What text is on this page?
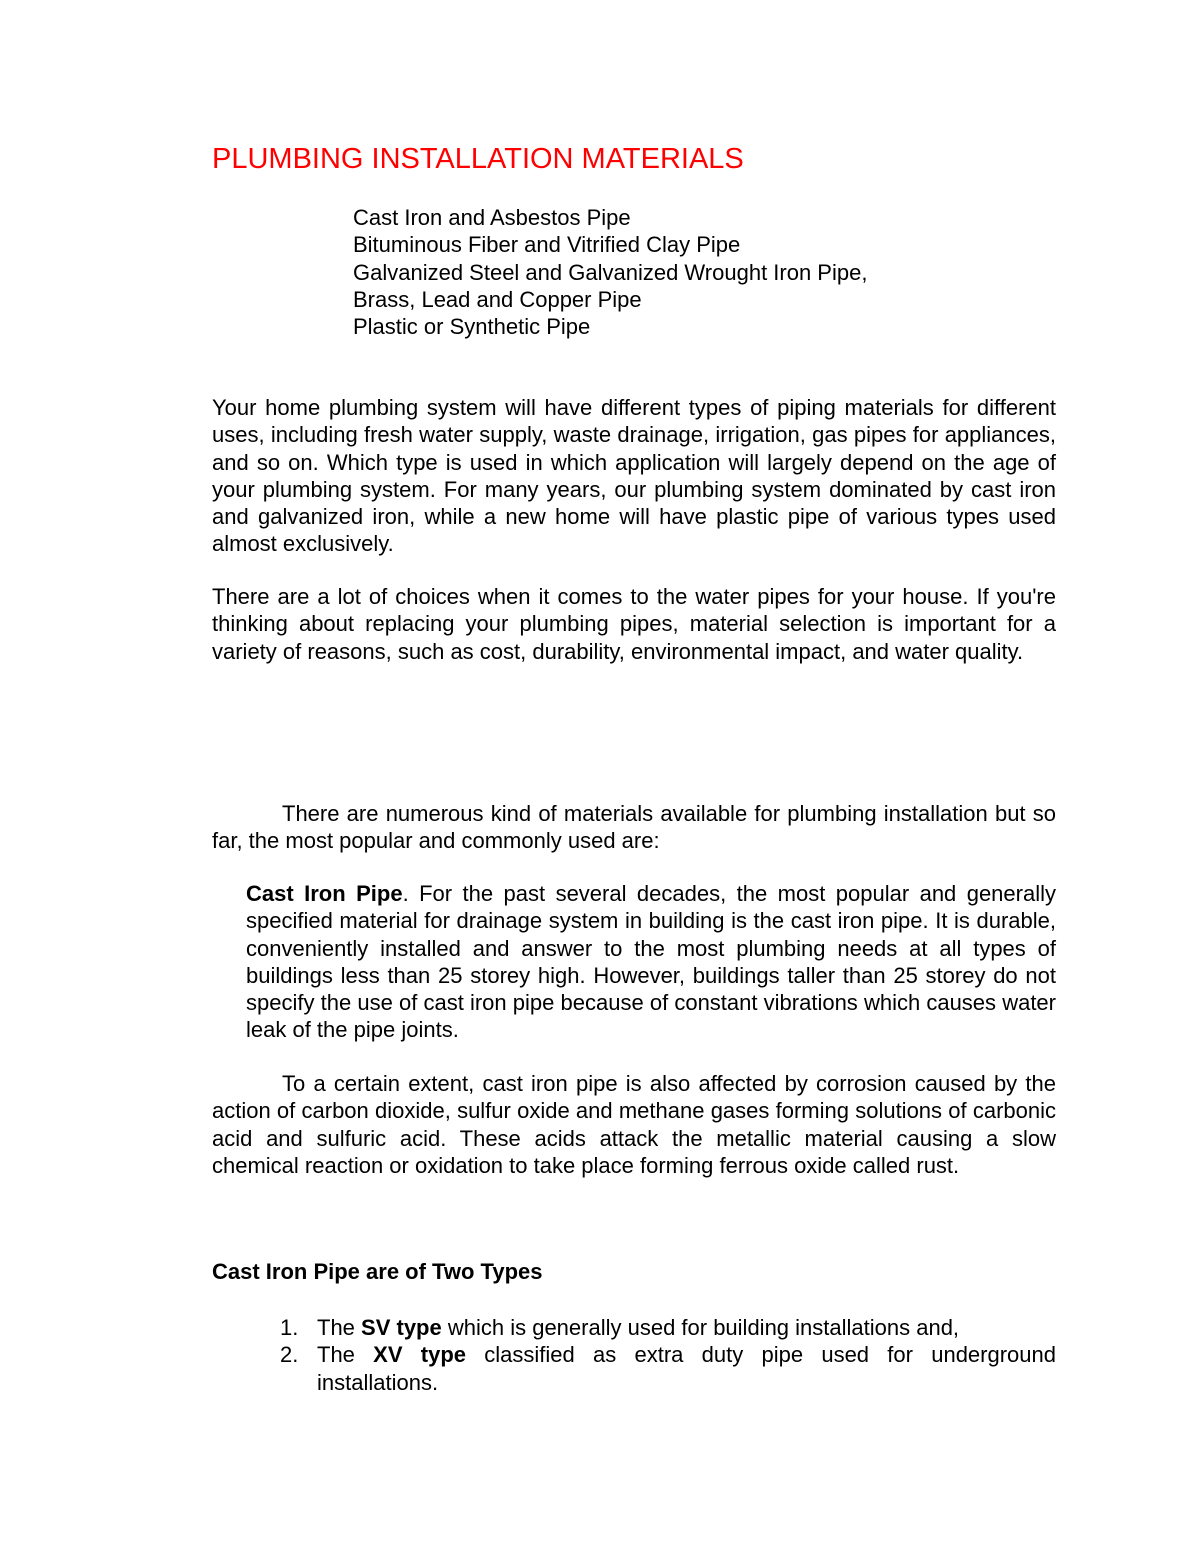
PLUMBING INSTALLATION MATERIALS
Cast Iron and Asbestos Pipe
Bituminous Fiber and Vitrified Clay Pipe
Galvanized Steel and Galvanized Wrought Iron Pipe,
Brass, Lead and Copper Pipe
Plastic or Synthetic Pipe

Your home plumbing system will have different types of piping materials for different uses, including fresh water supply, waste drainage, irrigation, gas pipes for appliances, and so on. Which type is used in which application will largely depend on the age of your plumbing system. For many years, our plumbing system dominated by cast iron and galvanized iron, while a new home will have plastic pipe of various types used almost exclusively.

There are a lot of choices when it comes to the water pipes for your house. If you're thinking about replacing your plumbing pipes, material selection is important for a variety of reasons, such as cost, durability, environmental impact, and water quality.

There are numerous kind of materials available for plumbing installation but so far, the most popular and commonly used are:

Cast Iron Pipe. For the past several decades, the most popular and generally specified material for drainage system in building is the cast iron pipe. It is durable, conveniently installed and answer to the most plumbing needs at all types of buildings less than 25 storey high. However, buildings taller than 25 storey do not specify the use of cast iron pipe because of constant vibrations which causes water leak of the pipe joints.

To a certain extent, cast iron pipe is also affected by corrosion caused by the action of carbon dioxide, sulfur oxide and methane gases forming solutions of carbonic acid and sulfuric acid. These acids attack the metallic material causing a slow chemical reaction or oxidation to take place forming ferrous oxide called rust.

Cast Iron Pipe are of Two Types
1. The SV type which is generally used for building installations and,
2. The XV type classified as extra duty pipe used for underground installations.
